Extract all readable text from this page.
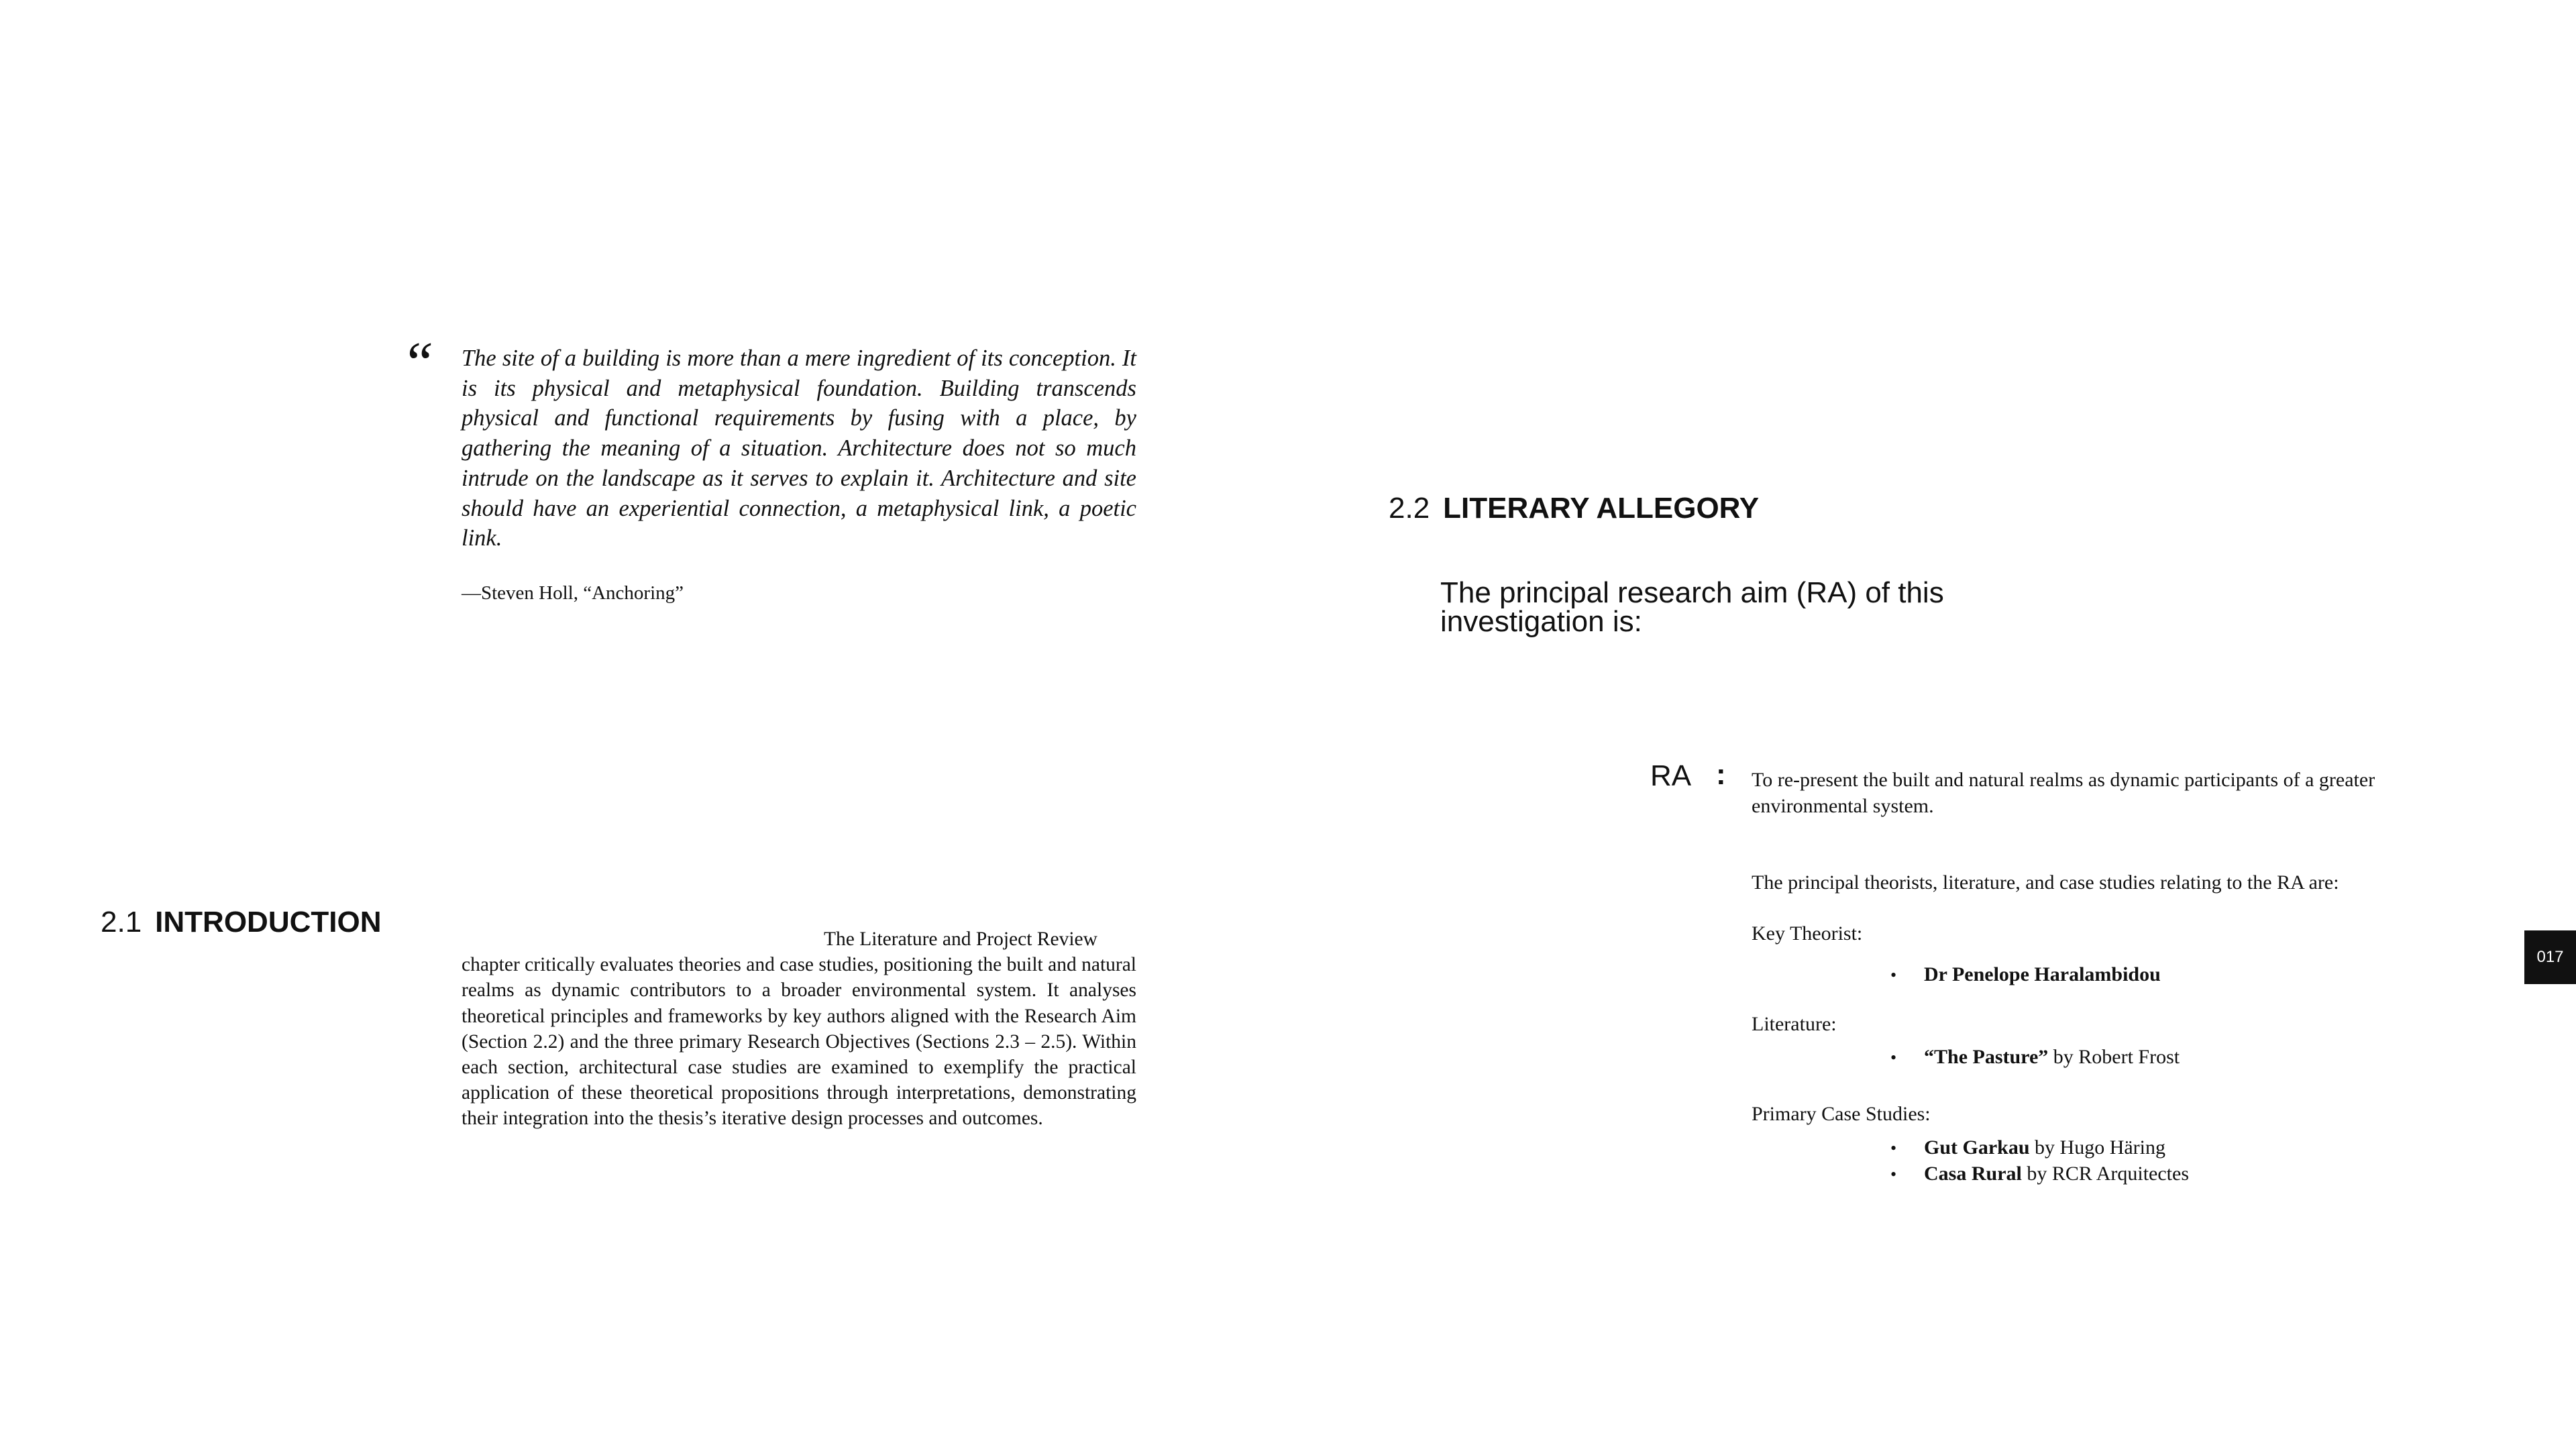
“ The site of a building is more than a mere ingredient of its conception. It is its physical and metaphysical foundation. Building transcends physical and functional requirements by fusing with a place, by gathering the meaning of a situation. Architecture does not so much intrude on the landscape as it serves to explain it. Architecture and site should have an experiential connection, a metaphysical link, a poetic link.

—Steven Holl, “Anchoring”
2.1 INTRODUCTION

The Literature and Project Review
chapter critically evaluates theories and case studies, positioning the built and natural realms as dynamic contributors to a broader environmental system. It analyses theoretical principles and frameworks by key authors aligned with the Research Aim (Section 2.2) and the three primary Research Objectives (Sections 2.3 – 2.5). Within each section, architectural case studies are examined to exemplify the practical application of these theoretical propositions through interpretations, demonstrating their integration into the thesis’s iterative design processes and outcomes.

2.2 LITERARY ALLEGORY
The principal research aim (RA) of this investigation is:
RA : To re-present the built and natural realms as dynamic participants of a greater environmental system.

The principal theorists, literature, and case studies relating to the RA are:
Key Theorist:
• Dr Penelope Haralambidou
Literature:
• “The Pasture” by Robert Frost
Primary Case Studies:
• Gut Garkau by Hugo Häring
• Casa Rural by RCR Arquitectes
017
